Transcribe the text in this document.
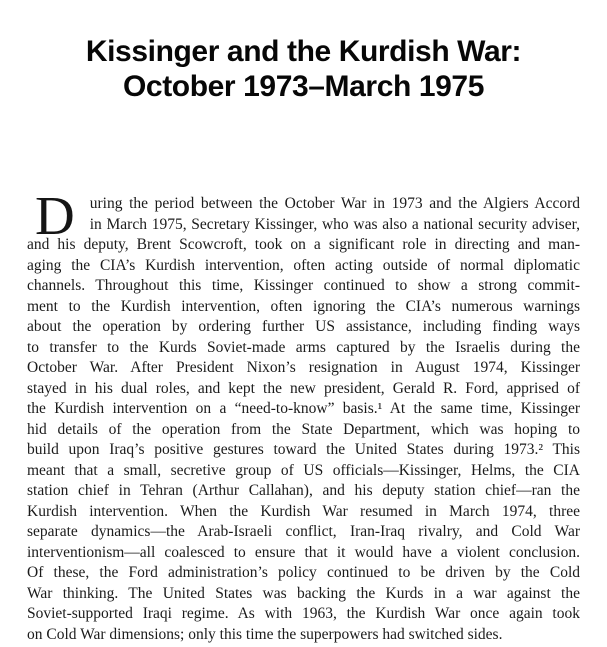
Kissinger and the Kurdish War:
October 1973–March 1975
D uring the period between the October War in 1973 and the Algiers Accord
in March 1975, Secretary Kissinger, who was also a national security adviser,
and his deputy, Brent Scowcroft, took on a significant role in directing and man-
aging the CIA’s Kurdish intervention, often acting outside of normal diplomatic
channels. Throughout this time, Kissinger continued to show a strong commit-
ment to the Kurdish intervention, often ignoring the CIA’s numerous warnings
about the operation by ordering further US assistance, including finding ways
to transfer to the Kurds Soviet-made arms captured by the Israelis during the
October War. After President Nixon’s resignation in August 1974, Kissinger
stayed in his dual roles, and kept the new president, Gerald R. Ford, apprised of
the Kurdish intervention on a “need-to-know” basis.¹ At the same time, Kissinger
hid details of the operation from the State Department, which was hoping to
build upon Iraq’s positive gestures toward the United States during 1973.² This
meant that a small, secretive group of US officials—Kissinger, Helms, the CIA
station chief in Tehran (Arthur Callahan), and his deputy station chief—ran the
Kurdish intervention. When the Kurdish War resumed in March 1974, three
separate dynamics—the Arab-Israeli conflict, Iran-Iraq rivalry, and Cold War
interventionism—all coalesced to ensure that it would have a violent conclusion.
Of these, the Ford administration’s policy continued to be driven by the Cold
War thinking. The United States was backing the Kurds in a war against the
Soviet-supported Iraqi regime. As with 1963, the Kurdish War once again took
on Cold War dimensions; only this time the superpowers had switched sides.
